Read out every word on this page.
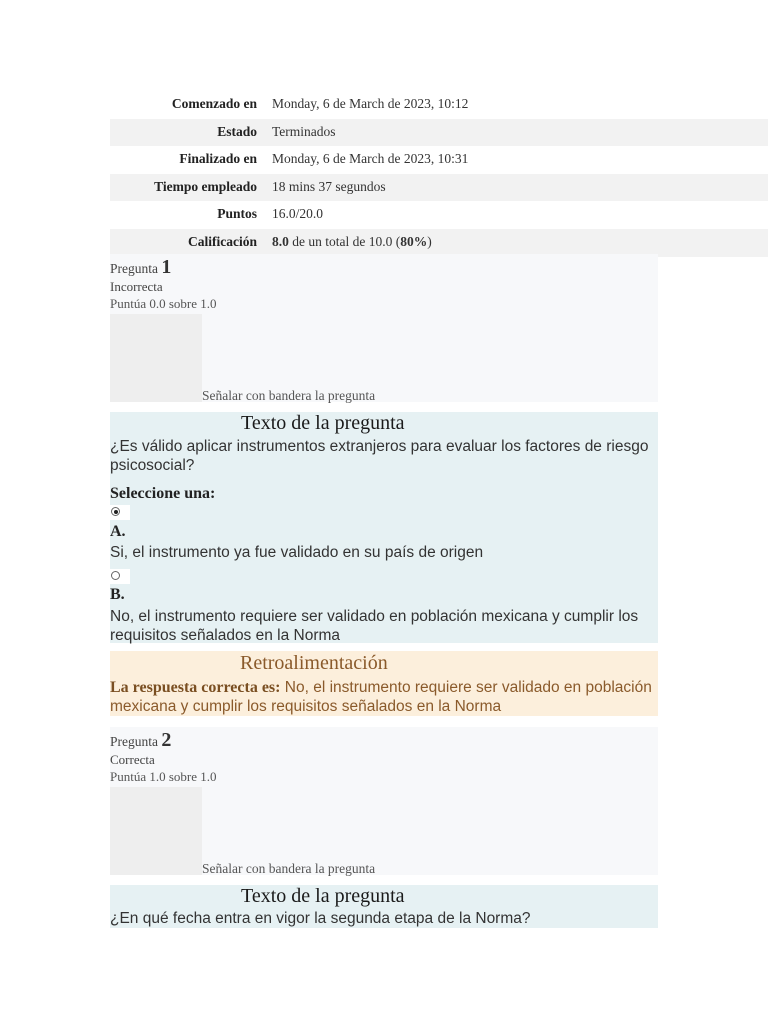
Comenzado en Monday, 6 de March de 2023, 10:12
Estado Terminados
Finalizado en Monday, 6 de March de 2023, 10:31
Tiempo empleado 18 mins 37 segundos
Puntos 16.0/20.0
Calificación 8.0 de un total de 10.0 (80%)
Pregunta 1
Incorrecta
Puntúa 0.0 sobre 1.0
Señalar con bandera la pregunta
Texto de la pregunta
¿Es válido aplicar instrumentos extranjeros para evaluar los factores de riesgo psicosocial?
Seleccione una:
A.
Si, el instrumento ya fue validado en su país de origen
B.
No, el instrumento requiere ser validado en población mexicana y cumplir los requisitos señalados en la Norma
Retroalimentación
La respuesta correcta es: No, el instrumento requiere ser validado en población mexicana y cumplir los requisitos señalados en la Norma
Pregunta 2
Correcta
Puntúa 1.0 sobre 1.0
Señalar con bandera la pregunta
Texto de la pregunta
¿En qué fecha entra en vigor la segunda etapa de la Norma?
